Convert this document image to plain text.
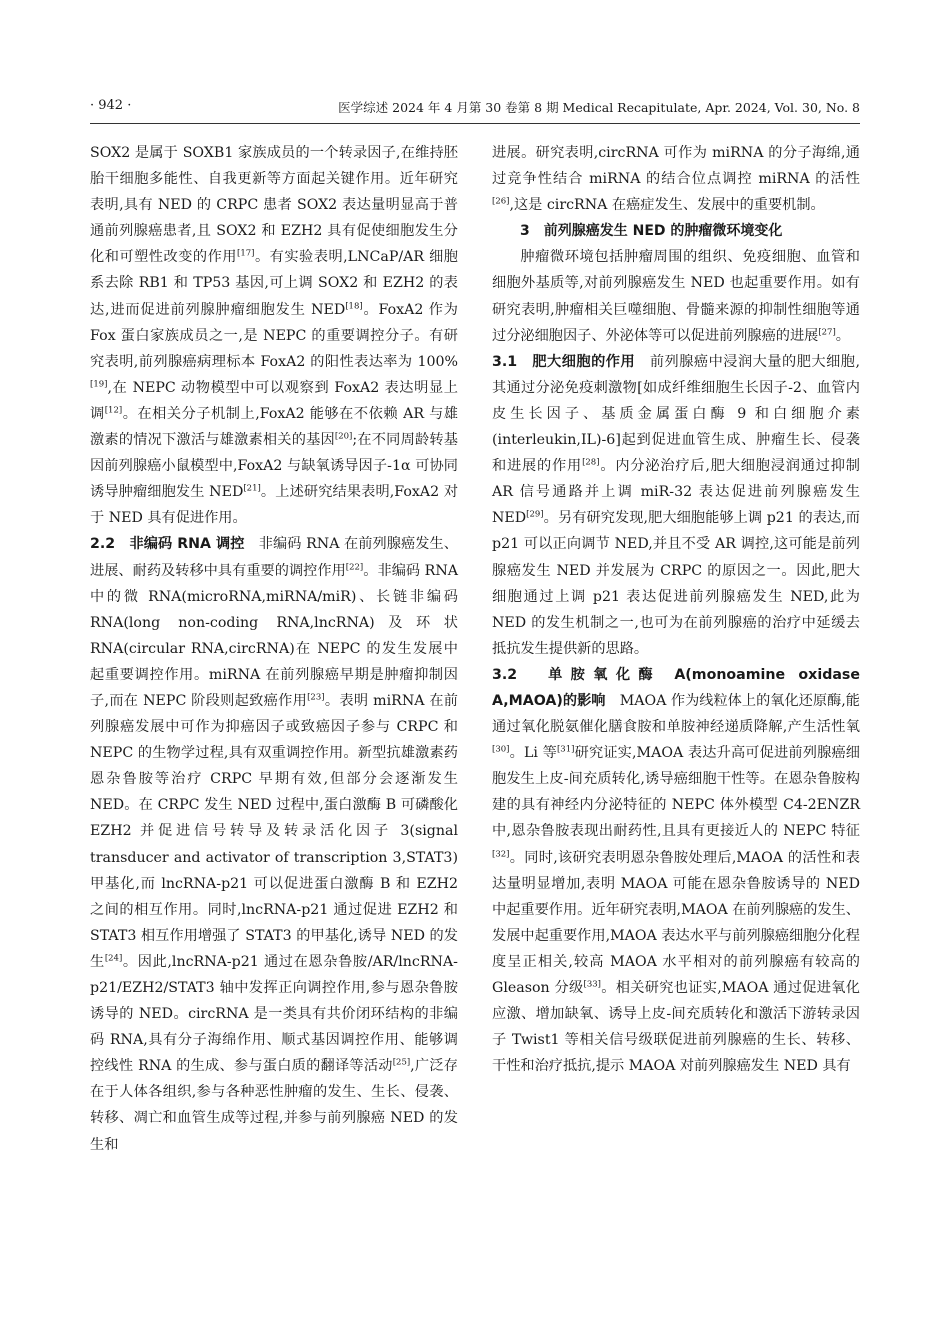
· 942 ·	医学综述 2024 年 4 月第 30 卷第 8 期 Medical Recapitulate, Apr. 2024, Vol. 30, No. 8

SOX2 是属于 SOXB1 家族成员的一个转录因子,在维持胚胎干细胞多能性、自我更新等方面起关键作用。近年研究表明,具有 NED 的 CRPC 患者 SOX2 表达量明显高于普通前列腺癌患者,且 SOX2 和 EZH2 具有促使细胞发生分化和可塑性改变的作用[17]。有实验表明,LNCaP/AR 细胞系去除 RB1 和 TP53 基因,可上调 SOX2 和 EZH2 的表达,进而促进前列腺肿瘤细胞发生 NED[18]。FoxA2 作为 Fox 蛋白家族成员之一,是 NEPC 的重要调控分子。有研究表明,前列腺癌病理标本 FoxA2 的阳性表达率为 100%[19],在 NEPC 动物模型中可以观察到 FoxA2 表达明显上调[12]。在相关分子机制上,FoxA2 能够在不依赖 AR 与雄激素的情况下激活与雄激素相关的基因[20];在不同周龄转基因前列腺癌小鼠模型中,FoxA2 与缺氧诱导因子-1α 可协同诱导肿瘤细胞发生 NED[21]。上述研究结果表明,FoxA2 对于 NED 具有促进作用。

2.2　非编码 RNA 调控　非编码 RNA 在前列腺癌发生、进展、耐药及转移中具有重要的调控作用[22]。非编码 RNA 中的微 RNA(microRNA,miRNA/miR)、长链非编码 RNA(long non-coding RNA,lncRNA)及环状 RNA(circular RNA,circRNA)在 NEPC 的发生发展中起重要调控作用。miRNA 在前列腺癌早期是肿瘤抑制因子,而在 NEPC 阶段则起致癌作用[23]。表明 miRNA 在前列腺癌发展中可作为抑癌因子或致癌因子参与 CRPC 和 NEPC 的生物学过程,具有双重调控作用。新型抗雄激素药恩杂鲁胺等治疗 CRPC 早期有效,但部分会逐渐发生 NED。在 CRPC 发生 NED 过程中,蛋白激酶 B 可磷酸化 EZH2 并促进信号转导及转录活化因子 3(signal transducer and activator of transcription 3,STAT3)甲基化,而 lncRNA-p21 可以促进蛋白激酶 B 和 EZH2 之间的相互作用。同时,lncRNA-p21 通过促进 EZH2 和 STAT3 相互作用增强了 STAT3 的甲基化,诱导 NED 的发生[24]。因此,lncRNA-p21 通过在恩杂鲁胺/AR/lncRNA-p21/EZH2/STAT3 轴中发挥正向调控作用,参与恩杂鲁胺诱导的 NED。circRNA 是一类具有共价闭环结构的非编码 RNA,具有分子海绵作用、顺式基因调控作用、能够调控线性 RNA 的生成、参与蛋白质的翻译等活动[25],广泛存在于人体各组织,参与各种恶性肿瘤的发生、生长、侵袭、转移、凋亡和血管生成等过程,并参与前列腺癌 NED 的发生和

进展。研究表明,circRNA 可作为 miRNA 的分子海绵,通过竞争性结合 miRNA 的结合位点调控 miRNA 的活性[26],这是 circRNA 在癌症发生、发展中的重要机制。

3　前列腺癌发生 NED 的肿瘤微环境变化

肿瘤微环境包括肿瘤周围的组织、免疫细胞、血管和细胞外基质等,对前列腺癌发生 NED 也起重要作用。如有研究表明,肿瘤相关巨噬细胞、骨髓来源的抑制性细胞等通过分泌细胞因子、外泌体等可以促进前列腺癌的进展[27]。

3.1　肥大细胞的作用　前列腺癌中浸润大量的肥大细胞,其通过分泌免疫刺激物[如成纤维细胞生长因子-2、血管内皮生长因子、基质金属蛋白酶 9 和白细胞介素(interleukin,IL)-6]起到促进血管生成、肿瘤生长、侵袭和进展的作用[28]。内分泌治疗后,肥大细胞浸润通过抑制 AR 信号通路并上调 miR-32 表达促进前列腺癌发生 NED[29]。另有研究发现,肥大细胞能够上调 p21 的表达,而 p21 可以正向调节 NED,并且不受 AR 调控,这可能是前列腺癌发生 NED 并发展为 CRPC 的原因之一。因此,肥大细胞通过上调 p21 表达促进前列腺癌发生 NED,此为 NED 的发生机制之一,也可为在前列腺癌的治疗中延缓去抵抗发生提供新的思路。

3.2　单胺氧化酶 A(monoamine oxidase A,MAOA)的影响　MAOA 作为线粒体上的氧化还原酶,能通过氧化脱氨催化膳食胺和单胺神经递质降解,产生活性氧[30]。Li 等[31]研究证实,MAOA 表达升高可促进前列腺癌细胞发生上皮-间充质转化,诱导癌细胞干性等。在恩杂鲁胺构建的具有神经内分泌特征的 NEPC 体外模型 C4-2ENZR 中,恩杂鲁胺表现出耐药性,且具有更接近人的 NEPC 特征[32]。同时,该研究表明恩杂鲁胺处理后,MAOA 的活性和表达量明显增加,表明 MAOA 可能在恩杂鲁胺诱导的 NED 中起重要作用。近年研究表明,MAOA 在前列腺癌的发生、发展中起重要作用,MAOA 表达水平与前列腺癌细胞分化程度呈正相关,较高 MAOA 水平相对的前列腺癌有较高的 Gleason 分级[33]。相关研究也证实,MAOA 通过促进氧化应激、增加缺氧、诱导上皮-间充质转化和激活下游转录因子 Twist1 等相关信号级联促进前列腺癌的生长、转移、干性和治疗抵抗,提示 MAOA 对前列腺癌发生 NED 具有
